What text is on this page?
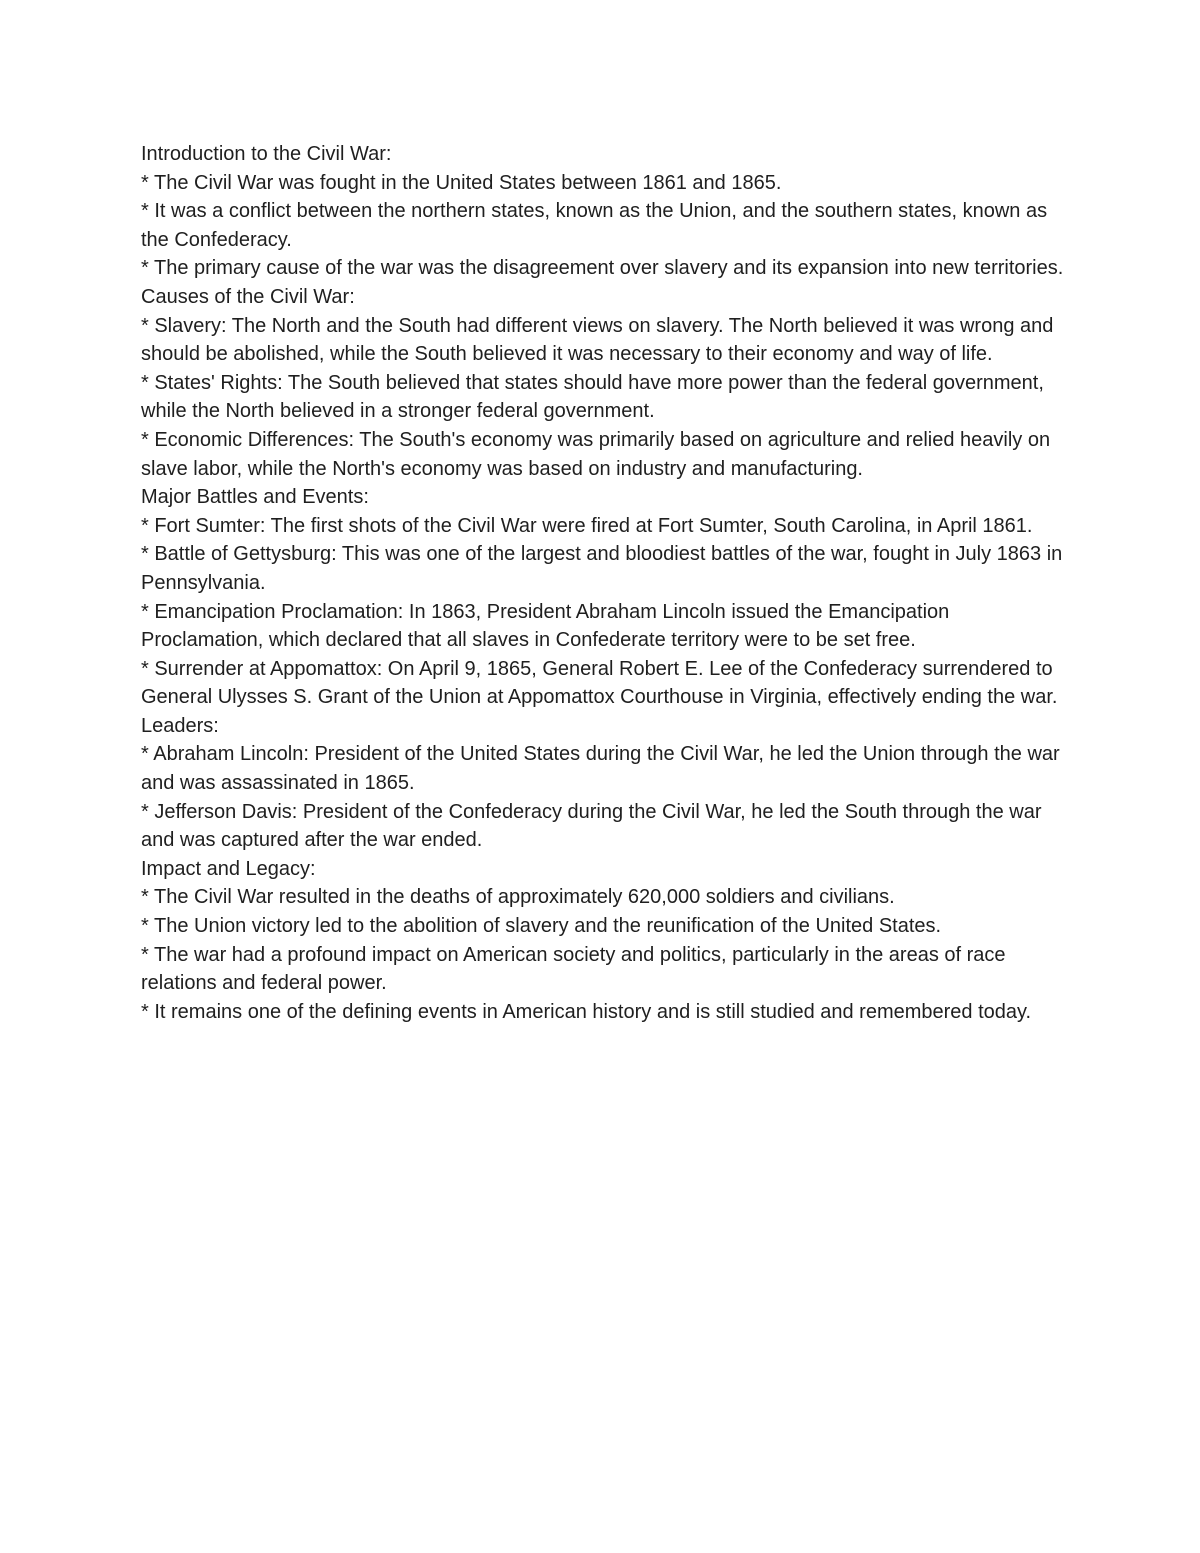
Introduction to the Civil War:

* The Civil War was fought in the United States between 1861 and 1865.

* It was a conflict between the northern states, known as the Union, and the southern states, known as the Confederacy.

* The primary cause of the war was the disagreement over slavery and its expansion into new territories.

Causes of the Civil War:

* Slavery: The North and the South had different views on slavery. The North believed it was wrong and should be abolished, while the South believed it was necessary to their economy and way of life.

* States' Rights: The South believed that states should have more power than the federal government, while the North believed in a stronger federal government.

* Economic Differences: The South's economy was primarily based on agriculture and relied heavily on slave labor, while the North's economy was based on industry and manufacturing.

Major Battles and Events:

* Fort Sumter: The first shots of the Civil War were fired at Fort Sumter, South Carolina, in April 1861.

* Battle of Gettysburg: This was one of the largest and bloodiest battles of the war, fought in July 1863 in Pennsylvania.

* Emancipation Proclamation: In 1863, President Abraham Lincoln issued the Emancipation Proclamation, which declared that all slaves in Confederate territory were to be set free.

* Surrender at Appomattox: On April 9, 1865, General Robert E. Lee of the Confederacy surrendered to General Ulysses S. Grant of the Union at Appomattox Courthouse in Virginia, effectively ending the war.

Leaders:

* Abraham Lincoln: President of the United States during the Civil War, he led the Union through the war and was assassinated in 1865.

* Jefferson Davis: President of the Confederacy during the Civil War, he led the South through the war and was captured after the war ended.

Impact and Legacy:

* The Civil War resulted in the deaths of approximately 620,000 soldiers and civilians.

* The Union victory led to the abolition of slavery and the reunification of the United States.

* The war had a profound impact on American society and politics, particularly in the areas of race relations and federal power.

* It remains one of the defining events in American history and is still studied and remembered today.
